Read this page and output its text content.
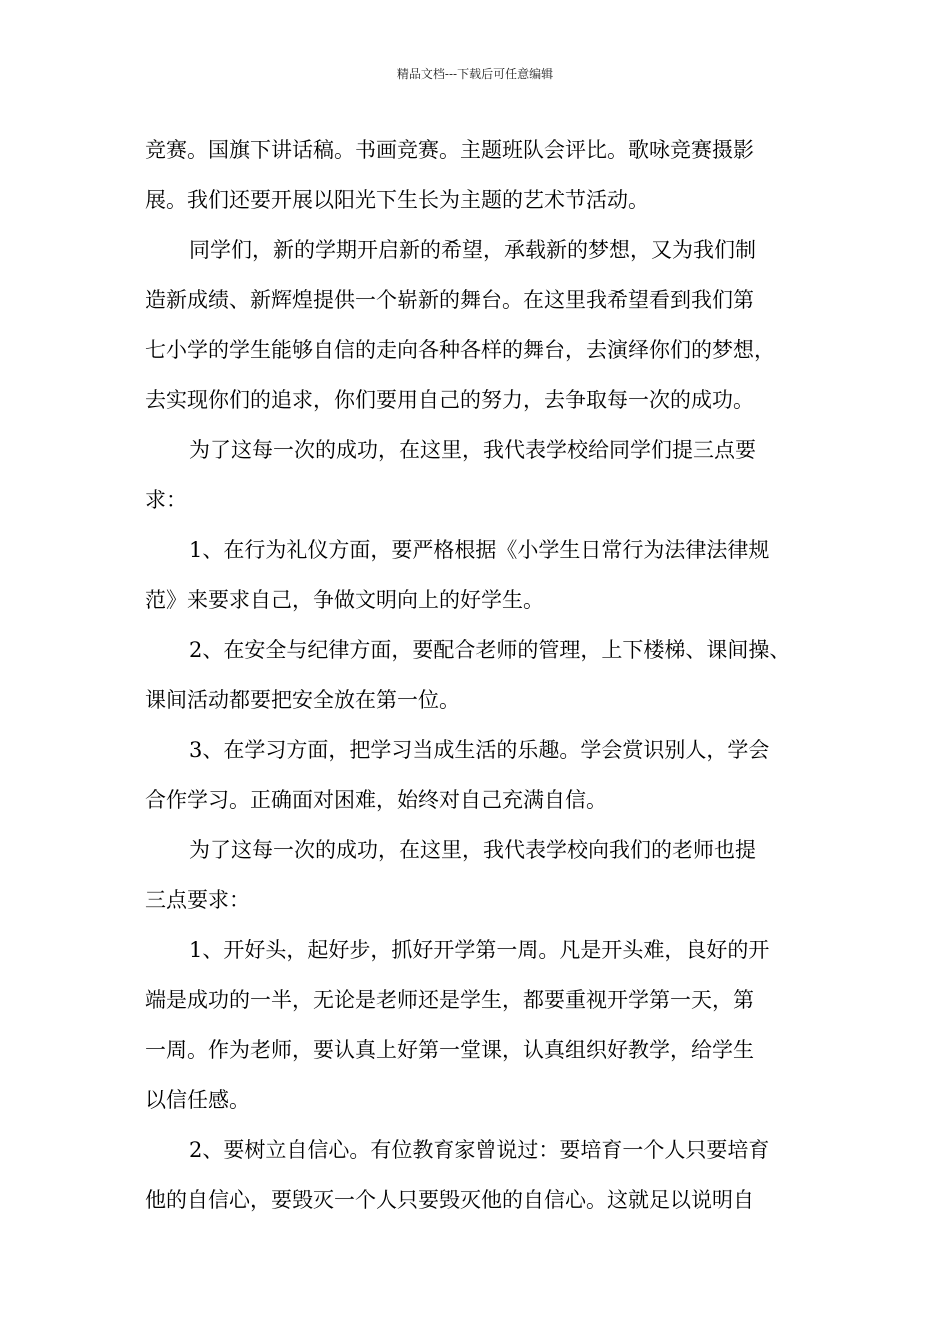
精品文档---下载后可任意编辑

竞赛。国旗下讲话稿。书画竞赛。主题班队会评比。歌咏竞赛摄影
展。我们还要开展以阳光下生长为主题的艺术节活动。

同学们，新的学期开启新的希望，承载新的梦想，又为我们制
造新成绩、新辉煌提供一个崭新的舞台。在这里我希望看到我们第
七小学的学生能够自信的走向各种各样的舞台，去演绎你们的梦想，
去实现你们的追求，你们要用自己的努力，去争取每一次的成功。

为了这每一次的成功，在这里，我代表学校给同学们提三点要
求：

1、在行为礼仪方面，要严格根据《小学生日常行为法律法律规
范》来要求自己，争做文明向上的好学生。

2、在安全与纪律方面，要配合老师的管理，上下楼梯、课间操、
课间活动都要把安全放在第一位。

3、在学习方面，把学习当成生活的乐趣。学会赏识别人，学会
合作学习。正确面对困难，始终对自己充满自信。

为了这每一次的成功，在这里，我代表学校向我们的老师也提
三点要求：

1、开好头，起好步，抓好开学第一周。凡是开头难，良好的开
端是成功的一半，无论是老师还是学生，都要重视开学第一天，第
一周。作为老师，要认真上好第一堂课，认真组织好教学，给学生
以信任感。

2、要树立自信心。有位教育家曾说过：要培育一个人只要培育
他的自信心，要毁灭一个人只要毁灭他的自信心。这就足以说明自
